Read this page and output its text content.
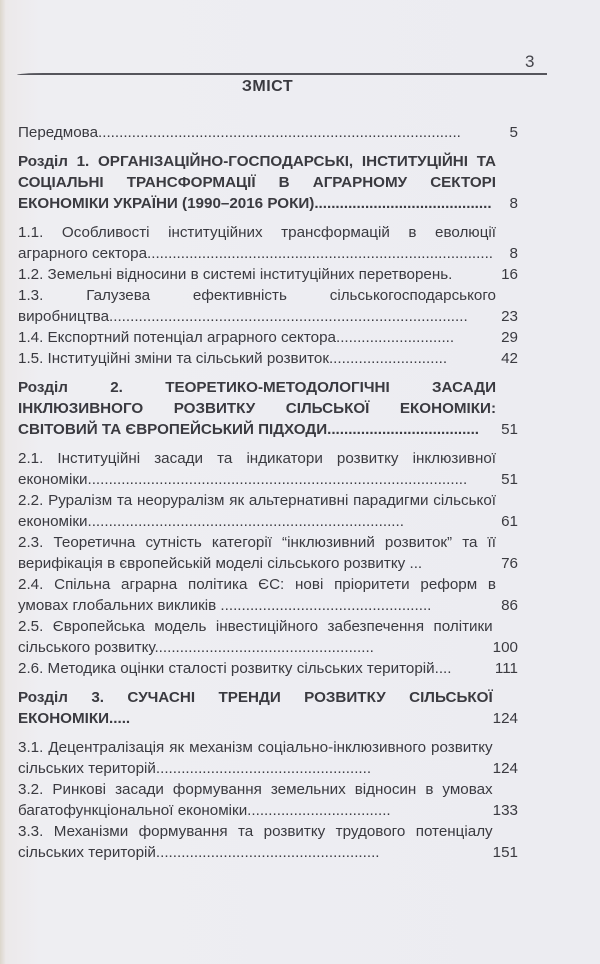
3
ЗМІСТ
Передмова......................................................................................	5
Розділ 1. ОРГАНІЗАЦІЙНО-ГОСПОДАРСЬКІ, ІНСТИТУЦІЙНІ ТА СОЦІАЛЬНІ ТРАНСФОРМАЦІЇ В АГРАРНОМУ СЕКТОРІ ЕКОНОМІКИ УКРАЇНИ (1990–2016 РОКИ)..........................................	8
1.1. Особливості інституційних трансформацій в еволюції аграрного сектора..................................................................................	8
1.2. Земельні відносини в системі інституційних перетворень.	16
1.3. Галузева ефективність сільськогосподарського виробництва.....................................................................................	23
1.4. Експортний потенціал аграрного сектора............................	29
1.5. Інституційні зміни та сільський розвиток............................	42
Розділ 2. ТЕОРЕТИКО-МЕТОДОЛОГІЧНІ ЗАСАДИ ІНКЛЮЗИВНОГО РОЗВИТКУ СІЛЬСЬКОЇ ЕКОНОМІКИ: СВІТОВИЙ ТА ЄВРОПЕЙСЬКИЙ ПІДХОДИ....................................	51
2.1. Інституційні засади та індикатори розвитку інклюзивної економіки..........................................................................................	51
2.2. Руралізм та неоруралізм як альтернативні парадигми сільської економіки...........................................................................	61
2.3. Теоретична сутність категорії “інклюзивний розвиток” та її верифікація в європейській моделі сільського розвитку ...	76
2.4. Спільна аграрна політика ЄС: нові пріоритети реформ в умовах глобальних викликів ..................................................	86
2.5. Європейська модель інвестиційного забезпечення політики сільського розвитку....................................................	100
2.6. Методика оцінки сталості розвитку сільських територій....	111
Розділ 3. СУЧАСНІ ТРЕНДИ РОЗВИТКУ СІЛЬСЬКОЇ ЕКОНОМІКИ.....	124
3.1. Децентралізація як механізм соціально-інклюзивного розвитку сільських територій...................................................	124
3.2. Ринкові засади формування земельних відносин в умовах багатофункціональної економіки..................................	133
3.3. Механізми формування та розвитку трудового потенціалу сільських територій.....................................................	151
